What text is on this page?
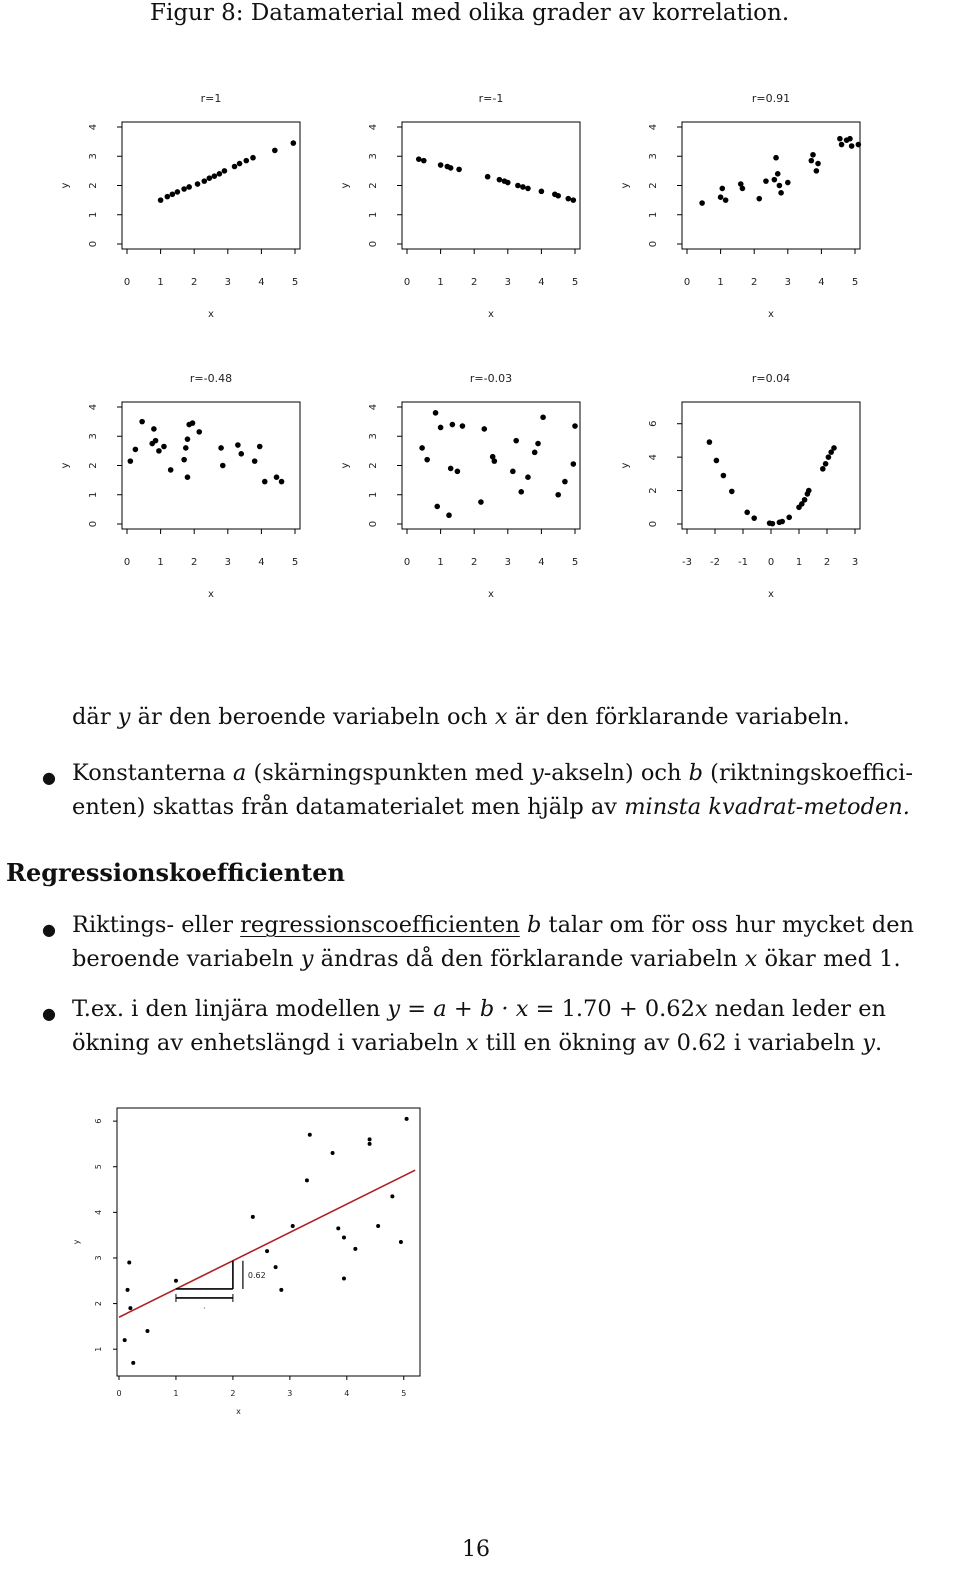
Figur 8: Datamaterial med olika grader av korrelation.
r=1
0	1	2	3	4	5
0
1
2
3
4
x
y
r=-1
0	1	2	3	4	5
0
1
2
3
4
x
y
r=0.91
0	1	2	3	4	5
0
1
2
3
4
x
y
r=-0.48
0	1	2	3	4	5
0
1
2
3
4
x
y
r=-0.03
0	1	2	3	4	5
0
1
2
3
4
x
y
r=0.04
-3 -2 -1 0 1 2 3
0
2
4
6
x
y
där y är den beroende variabeln och x är den förklarande variabeln.
● Konstanterna a (skärningspunkten med y-akseln) och b (riktningskoefﬁci-
enten) skattas från datamaterialet men hjälp av minsta kvadrat-metoden.
Regressionskoefﬁcienten
● Riktings- eller regressionscoefﬁcienten b talar om för oss hur mycket den
beroende variabeln y ändras då den förklarande variabeln x ökar med 1.
● T.ex. i den linjära modellen y = a + b · x = 1.70 + 0.62x nedan leder en
ökning av enhetslängd i variabeln x till en ökning av 0.62 i variabeln y.
0	1	2	3	4	5
1
2
3
4
5
6
x
y
0.62
1
16
